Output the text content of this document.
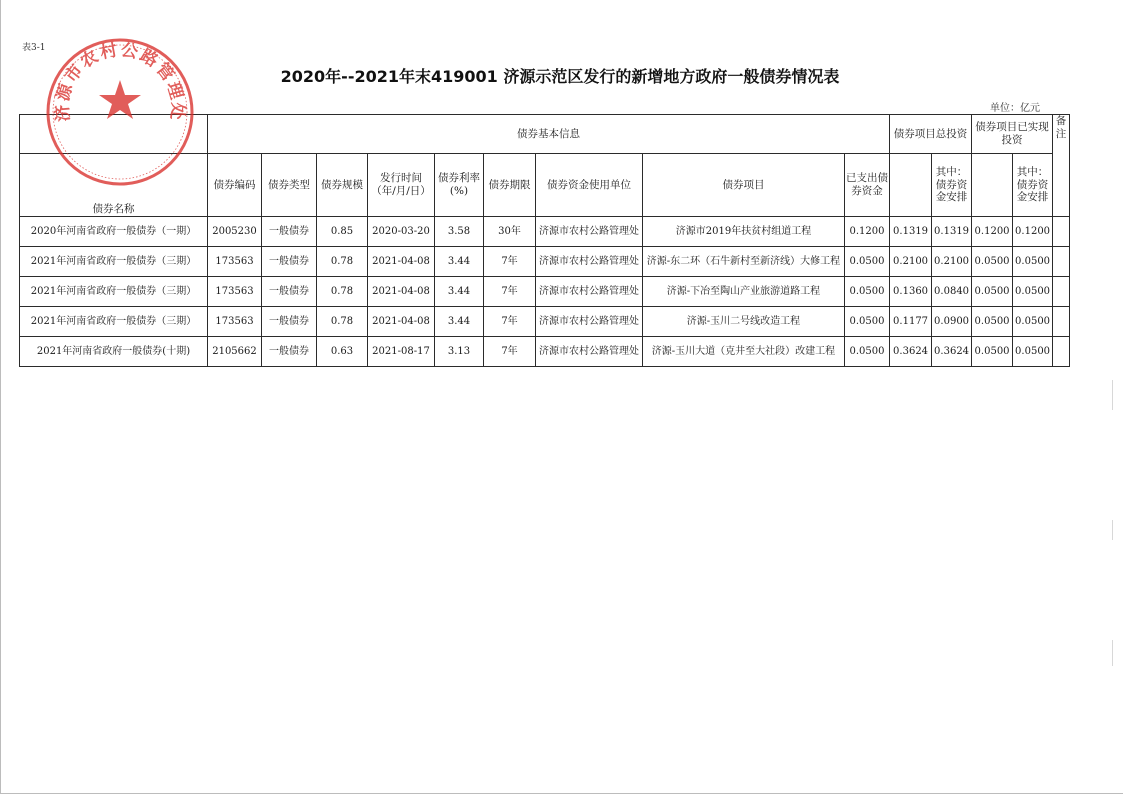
表3-1
2020年--2021年末419001 济源示范区发行的新增地方政府一般债券情况表
单位：亿元
	债券基本信息									债券项目总投资		债券项目已实现投资		备注
债券名称	债券编码	债券类型	债券规模	发行时间（年/月/日）	债券利率(%)	债券期限	债券资金使用单位	债券项目	已支出债券资金		其中：债券资金安排		其中：债券资金安排	
2020年河南省政府一般债券（一期）	2005230	一般债券	0.85	2020-03-20	3.58	30年	济源市农村公路管理处	济源市2019年扶贫村组道工程	0.1200	0.1319	0.1319	0.1200	0.1200	
2021年河南省政府一般债券（三期）	173563	一般债券	0.78	2021-04-08	3.44	7年	济源市农村公路管理处	济源-东二环（石牛新村至新济线）大修工程	0.0500	0.2100	0.2100	0.0500	0.0500	
2021年河南省政府一般债券（三期）	173563	一般债券	0.78	2021-04-08	3.44	7年	济源市农村公路管理处	济源-下冶至陶山产业旅游道路工程	0.0500	0.1360	0.0840	0.0500	0.0500	
2021年河南省政府一般债券（三期）	173563	一般债券	0.78	2021-04-08	3.44	7年	济源市农村公路管理处	济源-玉川二号线改造工程	0.0500	0.1177	0.0900	0.0500	0.0500	
2021年河南省政府一般债券(十期)	2105662	一般债券	0.63	2021-08-17	3.13	7年	济源市农村公路管理处	济源-玉川大道（克井至大社段）改建工程	0.0500	0.3624	0.3624	0.0500	0.0500	
济源市农村公路管理处
